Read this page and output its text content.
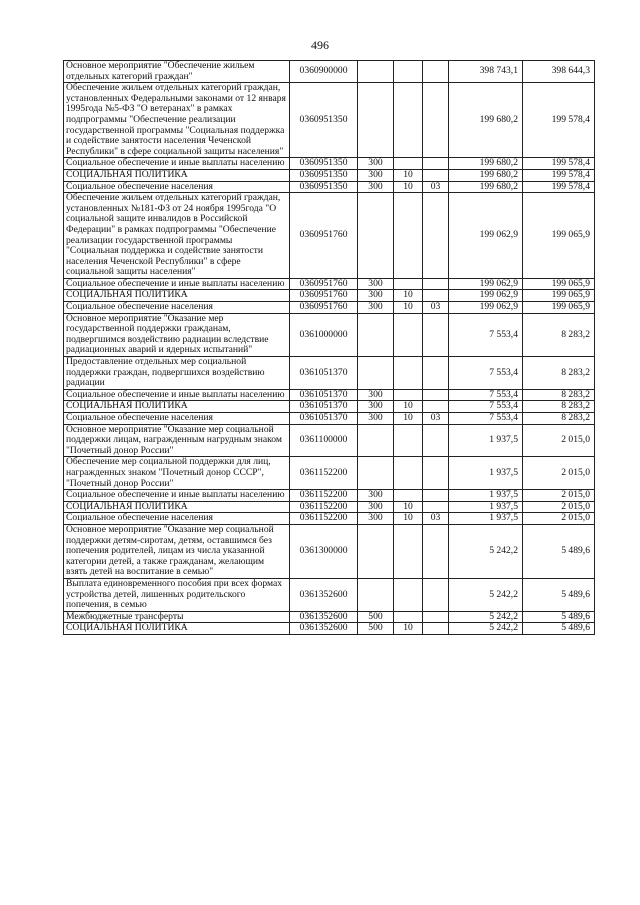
496
Основное мероприятие "Обеспечение жильем отдельных категорий граждан"	0360900000				398 743,1	398 644,3
Обеспечение жильем отдельных категорий граждан, установленных Федеральными законами от 12 января 1995года №5-ФЗ "О ветеранах" в рамках подпрограммы "Обеспечение реализации государственной программы "Социальная поддержка и содействие занятости населения Чеченской Республики" в сфере социальной защиты населения"	0360951350				199 680,2	199 578,4
Социальное обеспечение и иные выплаты населению	0360951350	300			199 680,2	199 578,4
СОЦИАЛЬНАЯ ПОЛИТИКА	0360951350	300	10		199 680,2	199 578,4
Социальное обеспечение населения	0360951350	300	10	03	199 680,2	199 578,4
Обеспечение жильем отдельных категорий граждан, установленных №181-ФЗ от 24 ноября 1995года "О социальной защите инвалидов в Российской Федерации" в рамках подпрограммы "Обеспечение реализации государственной программы "Социальная поддержка и содействие занятости населения Чеченской Республики" в сфере социальной защиты населения"	0360951760				199 062,9	199 065,9
Социальное обеспечение и иные выплаты населению	0360951760	300			199 062,9	199 065,9
СОЦИАЛЬНАЯ ПОЛИТИКА	0360951760	300	10		199 062,9	199 065,9
Социальное обеспечение населения	0360951760	300	10	03	199 062,9	199 065,9
Основное мероприятие "Оказание мер государственной поддержки гражданам, подвергшимся воздействию радиации вследствие радиационных аварий и ядерных испытаний"	0361000000				7 553,4	8 283,2
Предоставление отдельных мер социальной поддержки граждан, подвергшихся воздействию радиации	0361051370				7 553,4	8 283,2
Социальное обеспечение и иные выплаты населению	0361051370	300			7 553,4	8 283,2
СОЦИАЛЬНАЯ ПОЛИТИКА	0361051370	300	10		7 553,4	8 283,2
Социальное обеспечение населения	0361051370	300	10	03	7 553,4	8 283,2
Основное мероприятие "Оказание мер социальной поддержки лицам, награжденным нагрудным знаком "Почетный донор России"	0361100000				1 937,5	2 015,0
Обеспечение мер социальной поддержки для лиц, награжденных знаком "Почетный донор СССР", "Почетный донор России"	0361152200				1 937,5	2 015,0
Социальное обеспечение и иные выплаты населению	0361152200	300			1 937,5	2 015,0
СОЦИАЛЬНАЯ ПОЛИТИКА	0361152200	300	10		1 937,5	2 015,0
Социальное обеспечение населения	0361152200	300	10	03	1 937,5	2 015,0
Основное мероприятие "Оказание мер социальной поддержки детям-сиротам, детям, оставшимся без попечения родителей, лицам из числа указанной категории детей, а также гражданам, желающим взять детей на воспитание в семью"	0361300000				5 242,2	5 489,6
Выплата единовременного пособия при всех формах устройства детей, лишенных родительского попечения, в семью	0361352600				5 242,2	5 489,6
Межбюджетные трансферты	0361352600	500			5 242,2	5 489,6
СОЦИАЛЬНАЯ ПОЛИТИКА	0361352600	500	10		5 242,2	5 489,6
